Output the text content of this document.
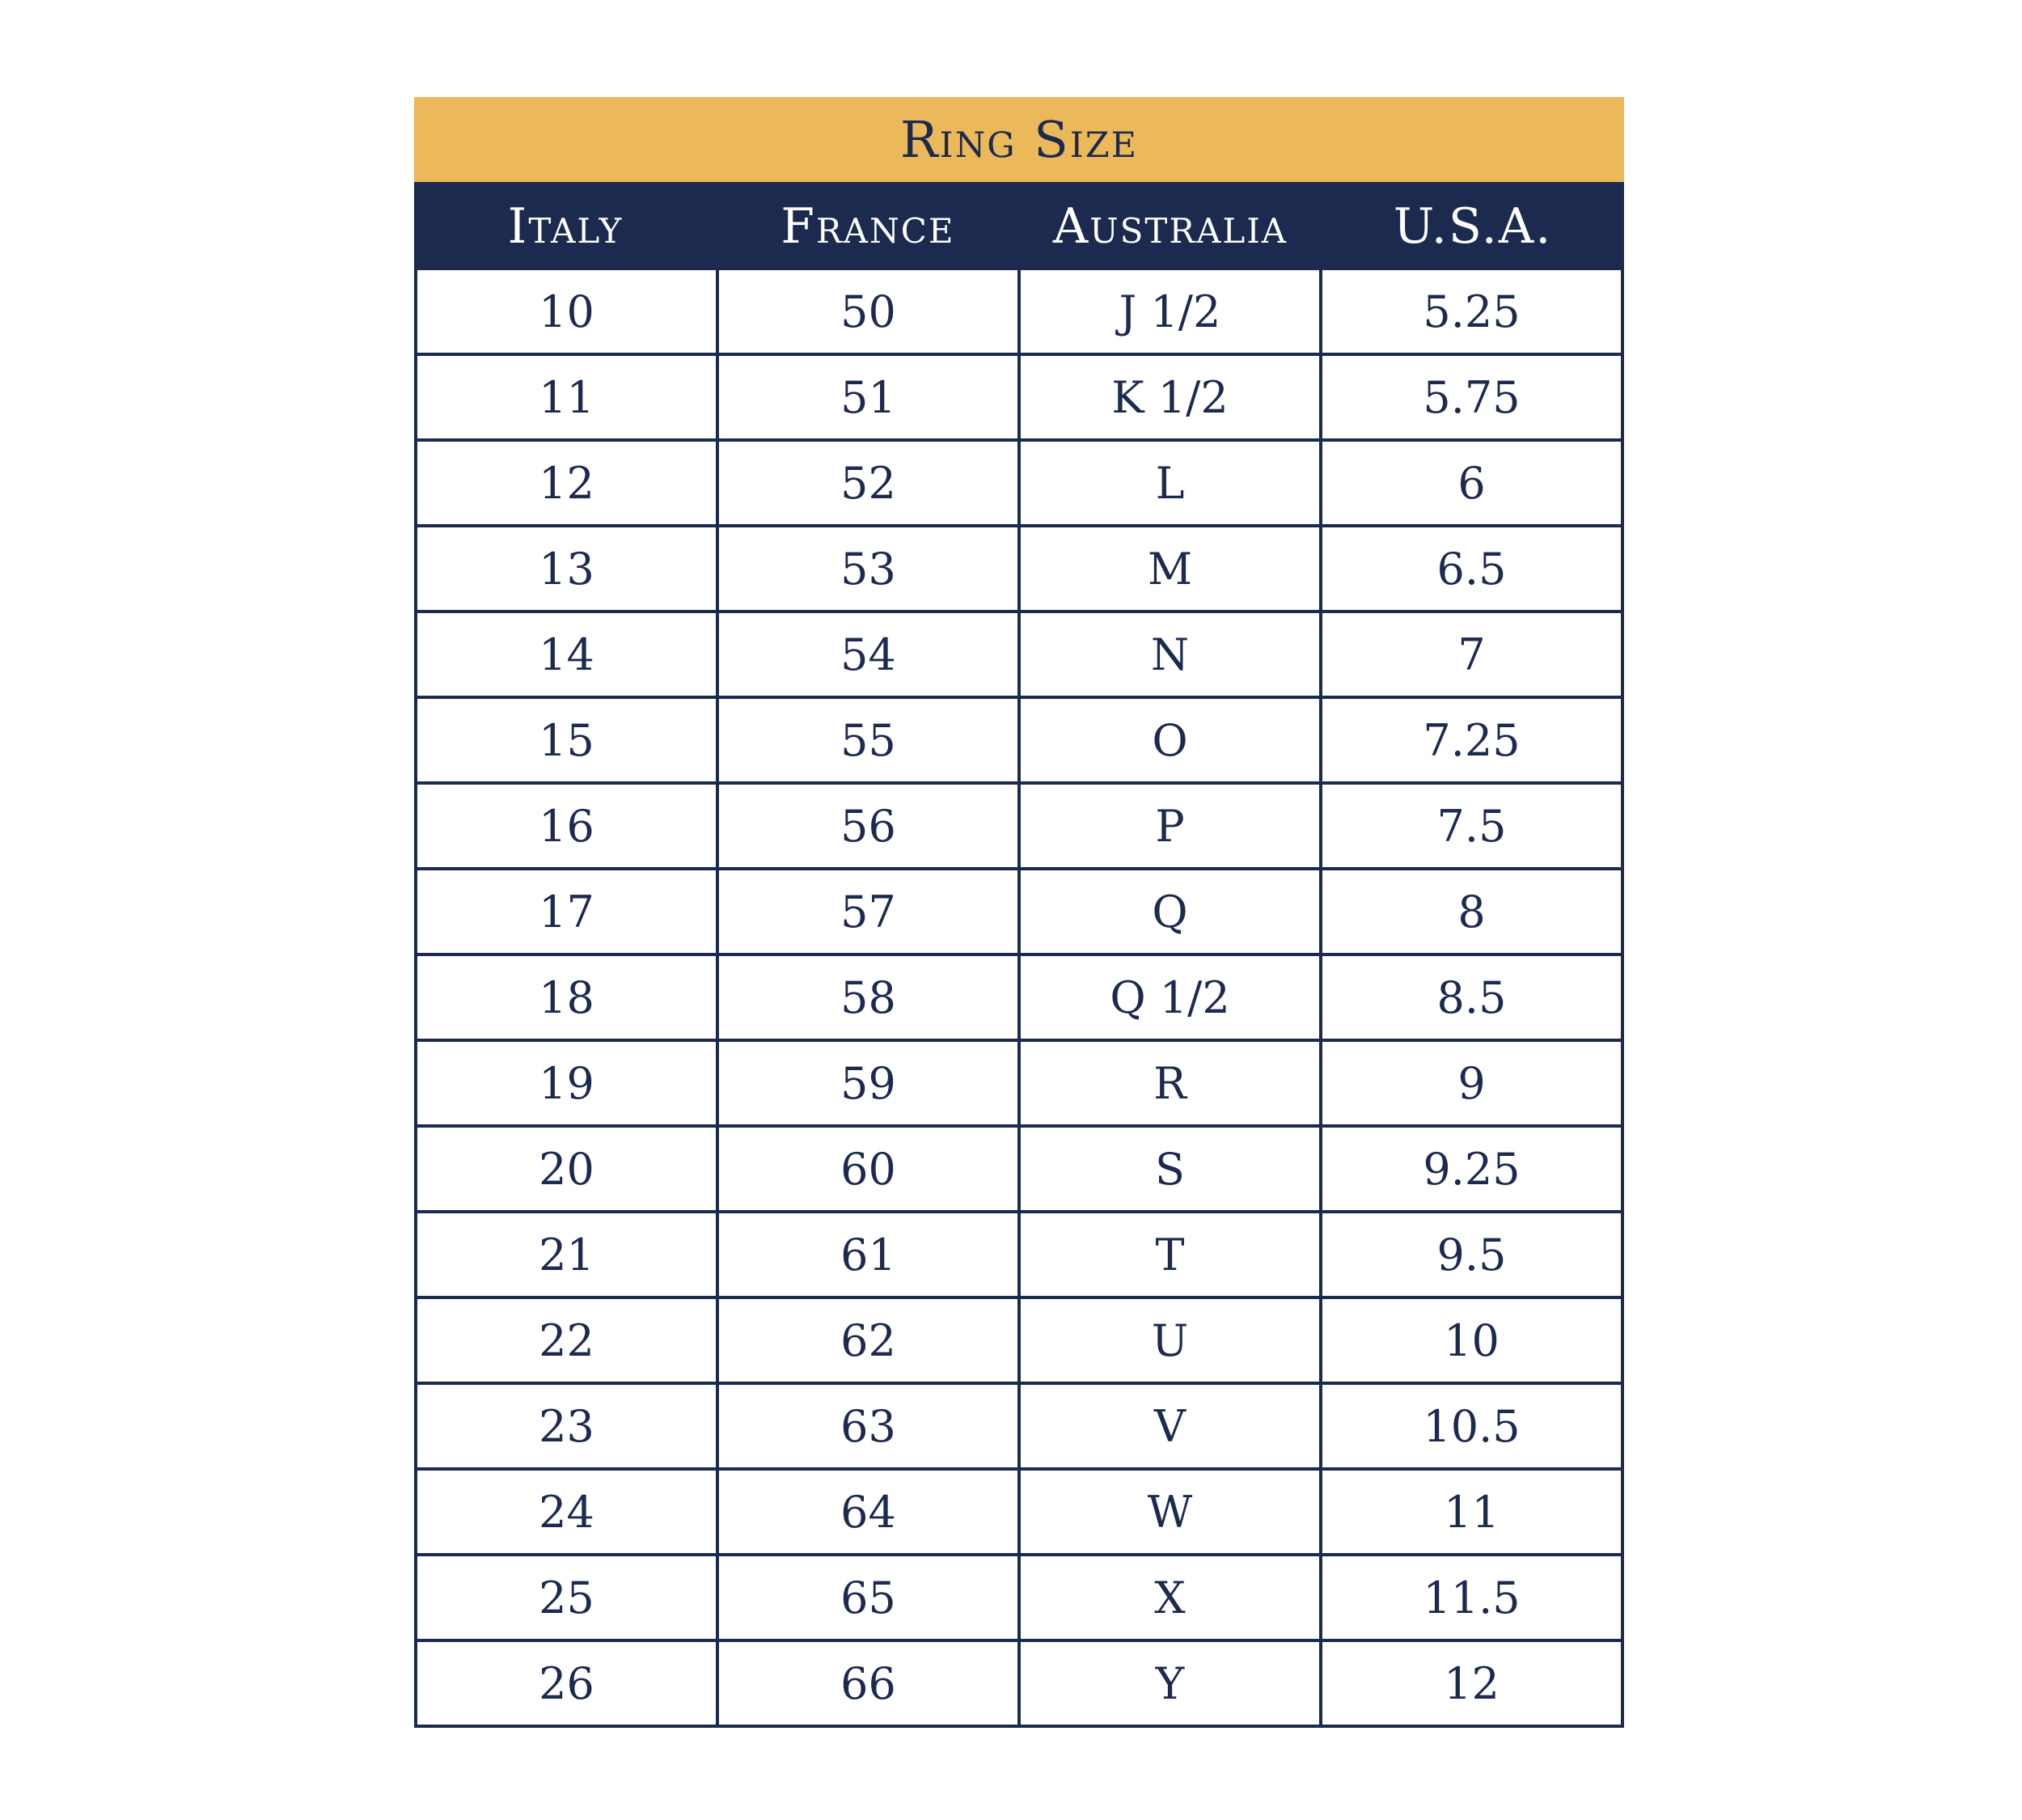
Ring Size
Italy	France	Australia	U.S.A.
10	50	J 1/2	5.25
11	51	K 1/2	5.75
12	52	L	6
13	53	M	6.5
14	54	N	7
15	55	O	7.25
16	56	P	7.5
17	57	Q	8
18	58	Q 1/2	8.5
19	59	R	9
20	60	S	9.25
21	61	T	9.5
22	62	U	10
23	63	V	10.5
24	64	W	11
25	65	X	11.5
26	66	Y	12
